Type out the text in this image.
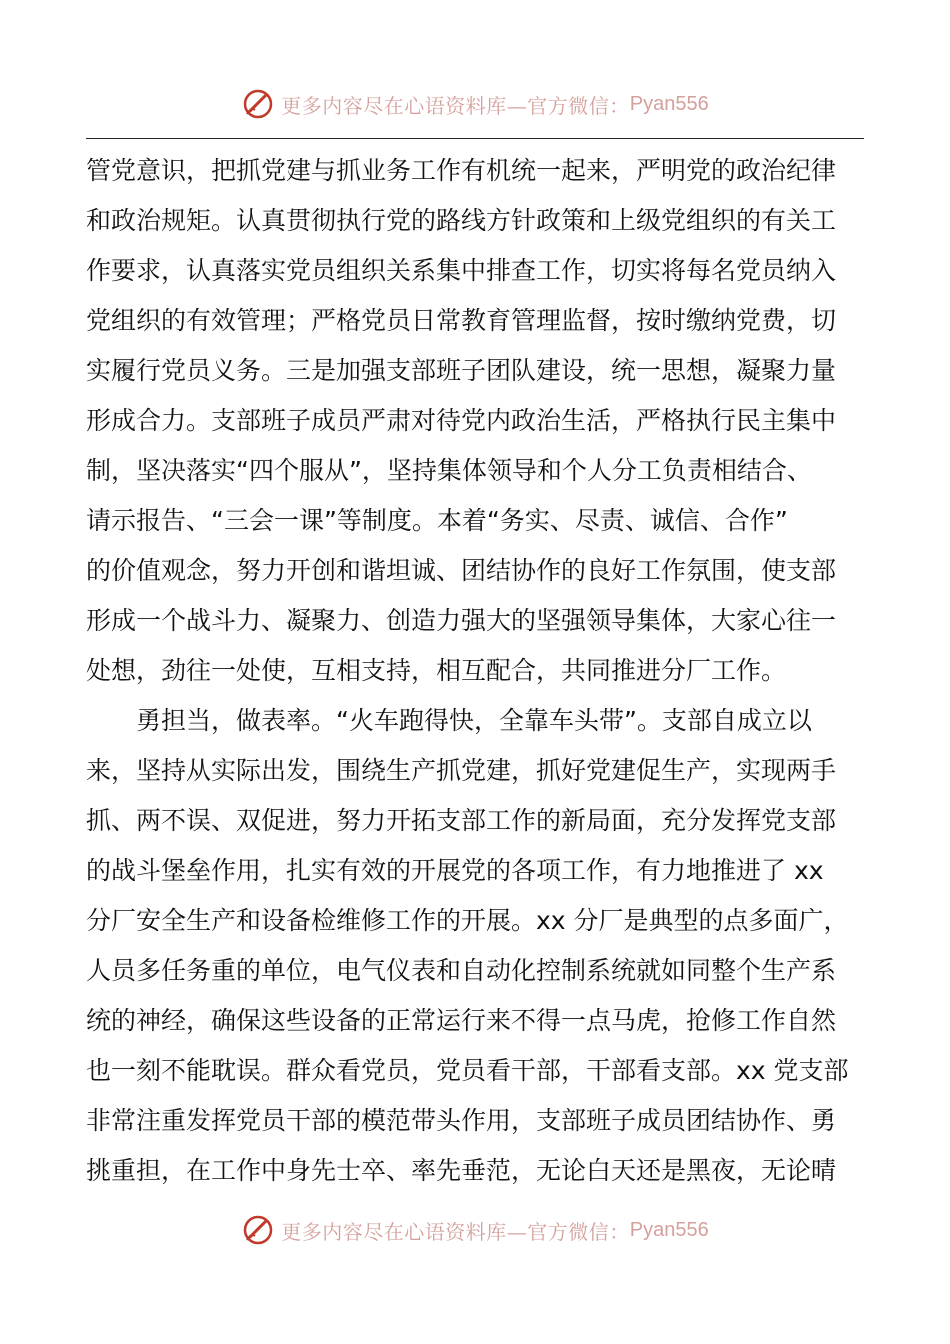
更多内容尽在心语资料库—官方微信： Pyan556
管党意识，把抓党建与抓业务工作有机统一起来，严明党的政治纪律
和政治规矩。认真贯彻执行党的路线方针政策和上级党组织的有关工
作要求，认真落实党员组织关系集中排查工作，切实将每名党员纳入
党组织的有效管理；严格党员日常教育管理监督，按时缴纳党费，切
实履行党员义务。三是加强支部班子团队建设，统一思想，凝聚力量
形成合力。支部班子成员严肃对待党内政治生活，严格执行民主集中
制，坚决落实“四个服从”，坚持集体领导和个人分工负责相结合、
请示报告、“三会一课”等制度。本着“务实、尽责、诚信、合作”
的价值观念，努力开创和谐坦诚、团结协作的良好工作氛围，使支部
形成一个战斗力、凝聚力、创造力强大的坚强领导集体，大家心往一
处想，劲往一处使，互相支持，相互配合，共同推进分厂工作。
　　勇担当，做表率。“火车跑得快，全靠车头带”。支部自成立以
来，坚持从实际出发，围绕生产抓党建，抓好党建促生产，实现两手
抓、两不误、双促进，努力开拓支部工作的新局面，充分发挥党支部
的战斗堡垒作用，扎实有效的开展党的各项工作，有力地推进了 xx
分厂安全生产和设备检维修工作的开展。xx 分厂是典型的点多面广，
人员多任务重的单位，电气仪表和自动化控制系统就如同整个生产系
统的神经，确保这些设备的正常运行来不得一点马虎，抢修工作自然
也一刻不能耽误。群众看党员，党员看干部，干部看支部。xx 党支部
非常注重发挥党员干部的模范带头作用，支部班子成员团结协作、勇
挑重担，在工作中身先士卒、率先垂范，无论白天还是黑夜，无论晴
更多内容尽在心语资料库—官方微信： Pyan556
